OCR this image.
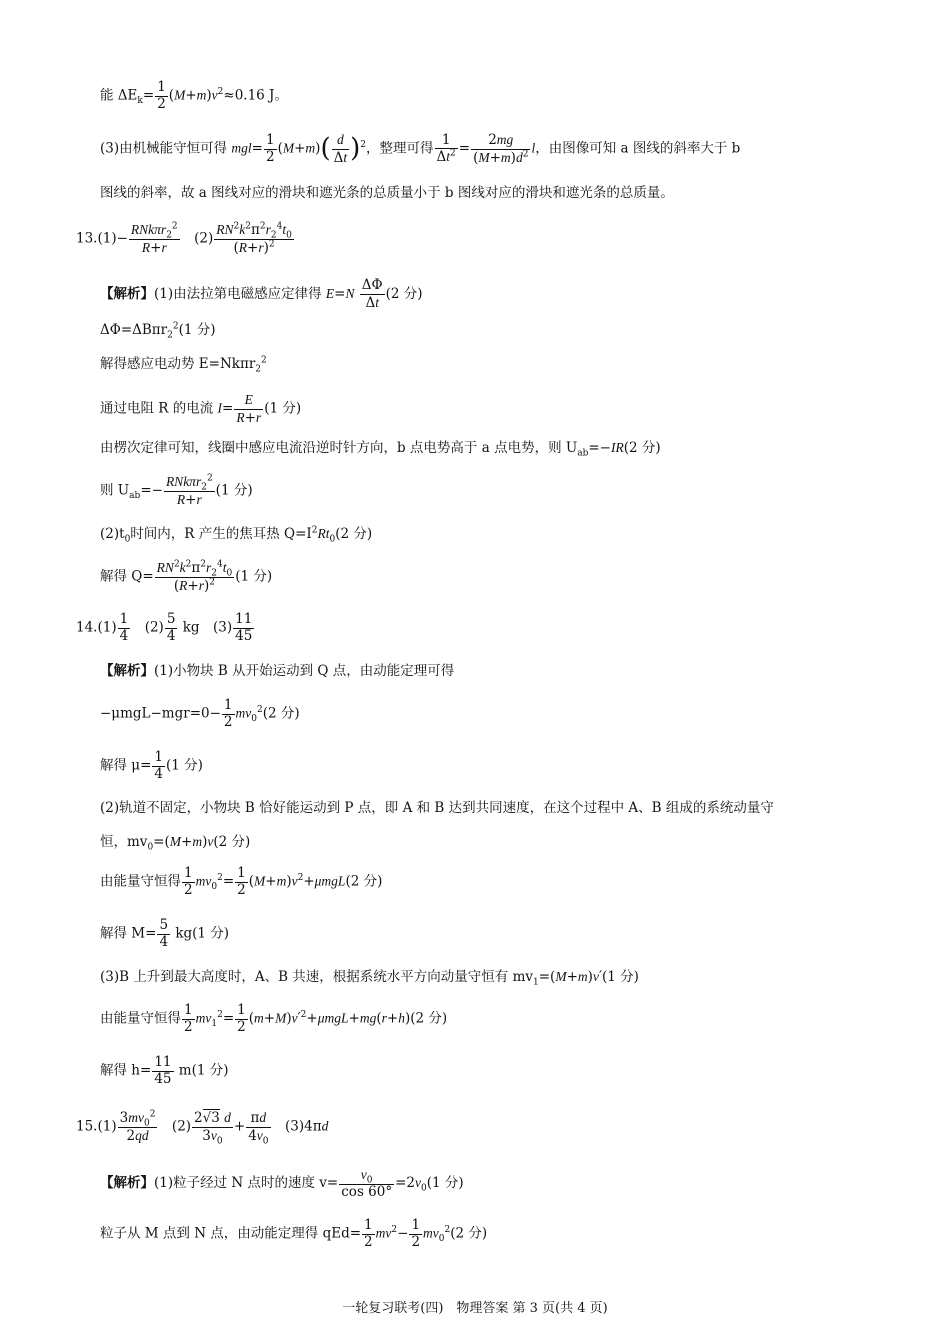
能 $\Delta E_k= \frac{1}{2} (M+m)v^2\approx 0.16$ J。
(3)由机械能守恒可得 $mgl= \frac{1}{2} (M+m)( \frac{d}{\Delta t} )^2$，整理可得 $\frac{1}{\Delta t^2} = \frac{2mg}{(M+m)d^2}$ l，由图像可知 a 图线的斜率大于 b
图线的斜率，故 a 图线对应的滑块和遮光条的总质量小于 b 图线对应的滑块和遮光条的总质量。
13.(1)−
RNkπr$_2^2$
R+r
　$(2) \frac{RN^2k^2\pi^2r_2^4t_0}{(R+r)^2}$
【解析】(1)由法拉第电磁感应定律得 $E=N \frac{\Delta\Phi}{\Delta t} (2$ 分)
ΔΦ=ΔBπr$_2^2$(1 分)
解得感应电动势 E=Nkπr$_2^2$
通过电阻 R 的电流 $I= \frac{E}{R+r} (1$ 分)
由楞次定律可知，线圈中感应电流沿逆时针方向，b 点电势高于 a 点电势，则 $U_{ab}=-IR(2$ 分)
则 $U_{ab}=-$
RNkπr$_2^2$
R+r
(1 分)
$(2)t_0$时间内，R 产生的焦耳热 $Q=I^2Rt_0(2$ 分)
解得 $Q= \frac{RN^2k^2\pi^2r_2^4t_0}{(R+r)^2} (1$ 分)
$14.(1) \frac{1}{4}$ 　$(2) \frac{5}{4}$ kg　$(3) \frac{11}{45}$
【解析】(1)小物块 B 从开始运动到 Q 点，由动能定理可得
$-\mu mgL-mgr=0- \frac{1}{2} mv_0^2(2$ 分)
解得 $\mu= \frac{1}{4} (1$ 分)
(2)轨道不固定，小物块 B 恰好能运动到 P 点，即 A 和 B 达到共同速度，在这个过程中 A、B 组成的系统动量守
恒，$mv_0=(M+m)v(2$ 分)
由能量守恒得 $\frac{1}{2} mv_0^2= \frac{1}{2} (M+m)v^2+\mu mgL(2$ 分)
解得 $M= \frac{5}{4} kg(1$ 分)
(3)B 上升到最大高度时，A、B 共速，根据系统水平方向动量守恒有 $mv_1=(M+m)v'(1$ 分)
由能量守恒得 $\frac{1}{2} mv_1^2= \frac{1}{2} (m+M)v'^2+\mu mgL+mg(r+h)(2$ 分)
解得 $h= \frac{11}{45} m(1$ 分)
$15.(1) \frac{3mv_0^2}{2qd}$ 　$(2) \frac{2√3 d}{3v_0} + \frac{\pi d}{4v_0}$ 　(3)4πd
【解析】(1)粒子经过 N 点时的速度 $v= \frac{v_0}{\cos 60^\circ} =2v_0(1$ 分)
粒子从 M 点到 N 点，由动能定理得 $qEd= \frac{1}{2} mv^2- \frac{1}{2} mv_0^2(2$ 分)
一轮复习联考(四)　物理答案 第 3 页(共 4 页)
